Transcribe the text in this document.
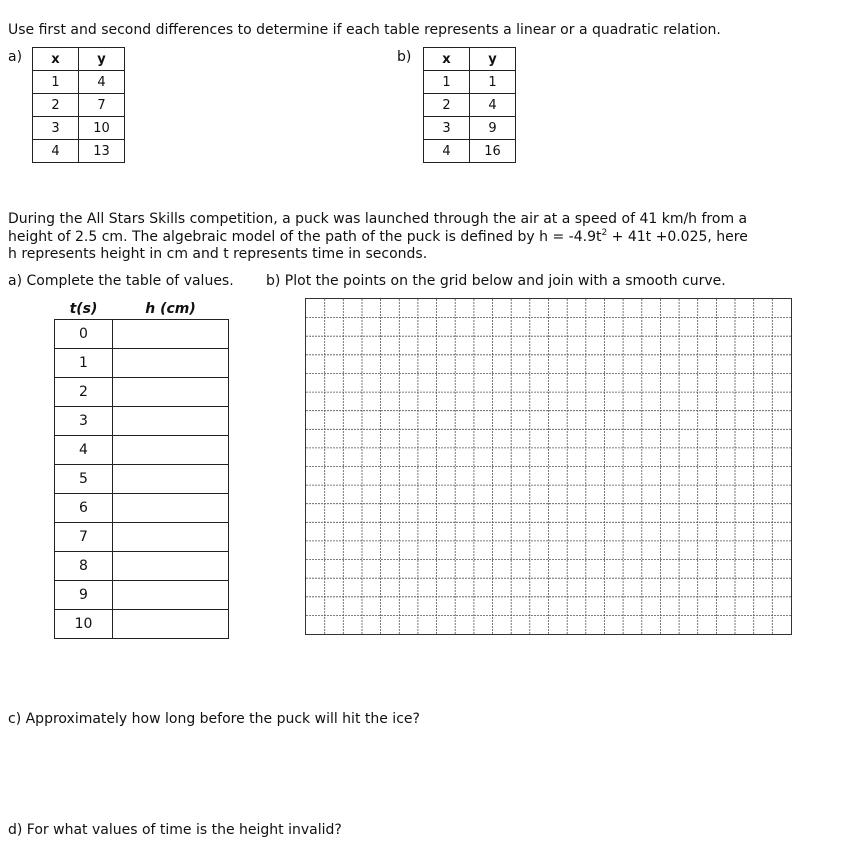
Use first and second differences to determine if each table represents a linear or a quadratic relation.
a) x	y
1	4
2	7
3	10
4	13
b) x	y
1	1
2	4
3	9
4	16
During the All Stars Skills competition, a puck was launched through the air at a speed of 41 km/h from a
height of 2.5 cm. The algebraic model of the path of the puck is defined by $h = -4.9t^2 + 41t +0.025$, here
h represents height in cm and t represents time in seconds.
a) Complete the table of values. b) Plot the points on the grid below and join with a smooth curve.
t(s)	h (cm)
0	
1	
2	
3	
4	
5	
6	
7	
8	
9	
10	
c) Approximately how long before the puck will hit the ice?
d) For what values of time is the height invalid?
